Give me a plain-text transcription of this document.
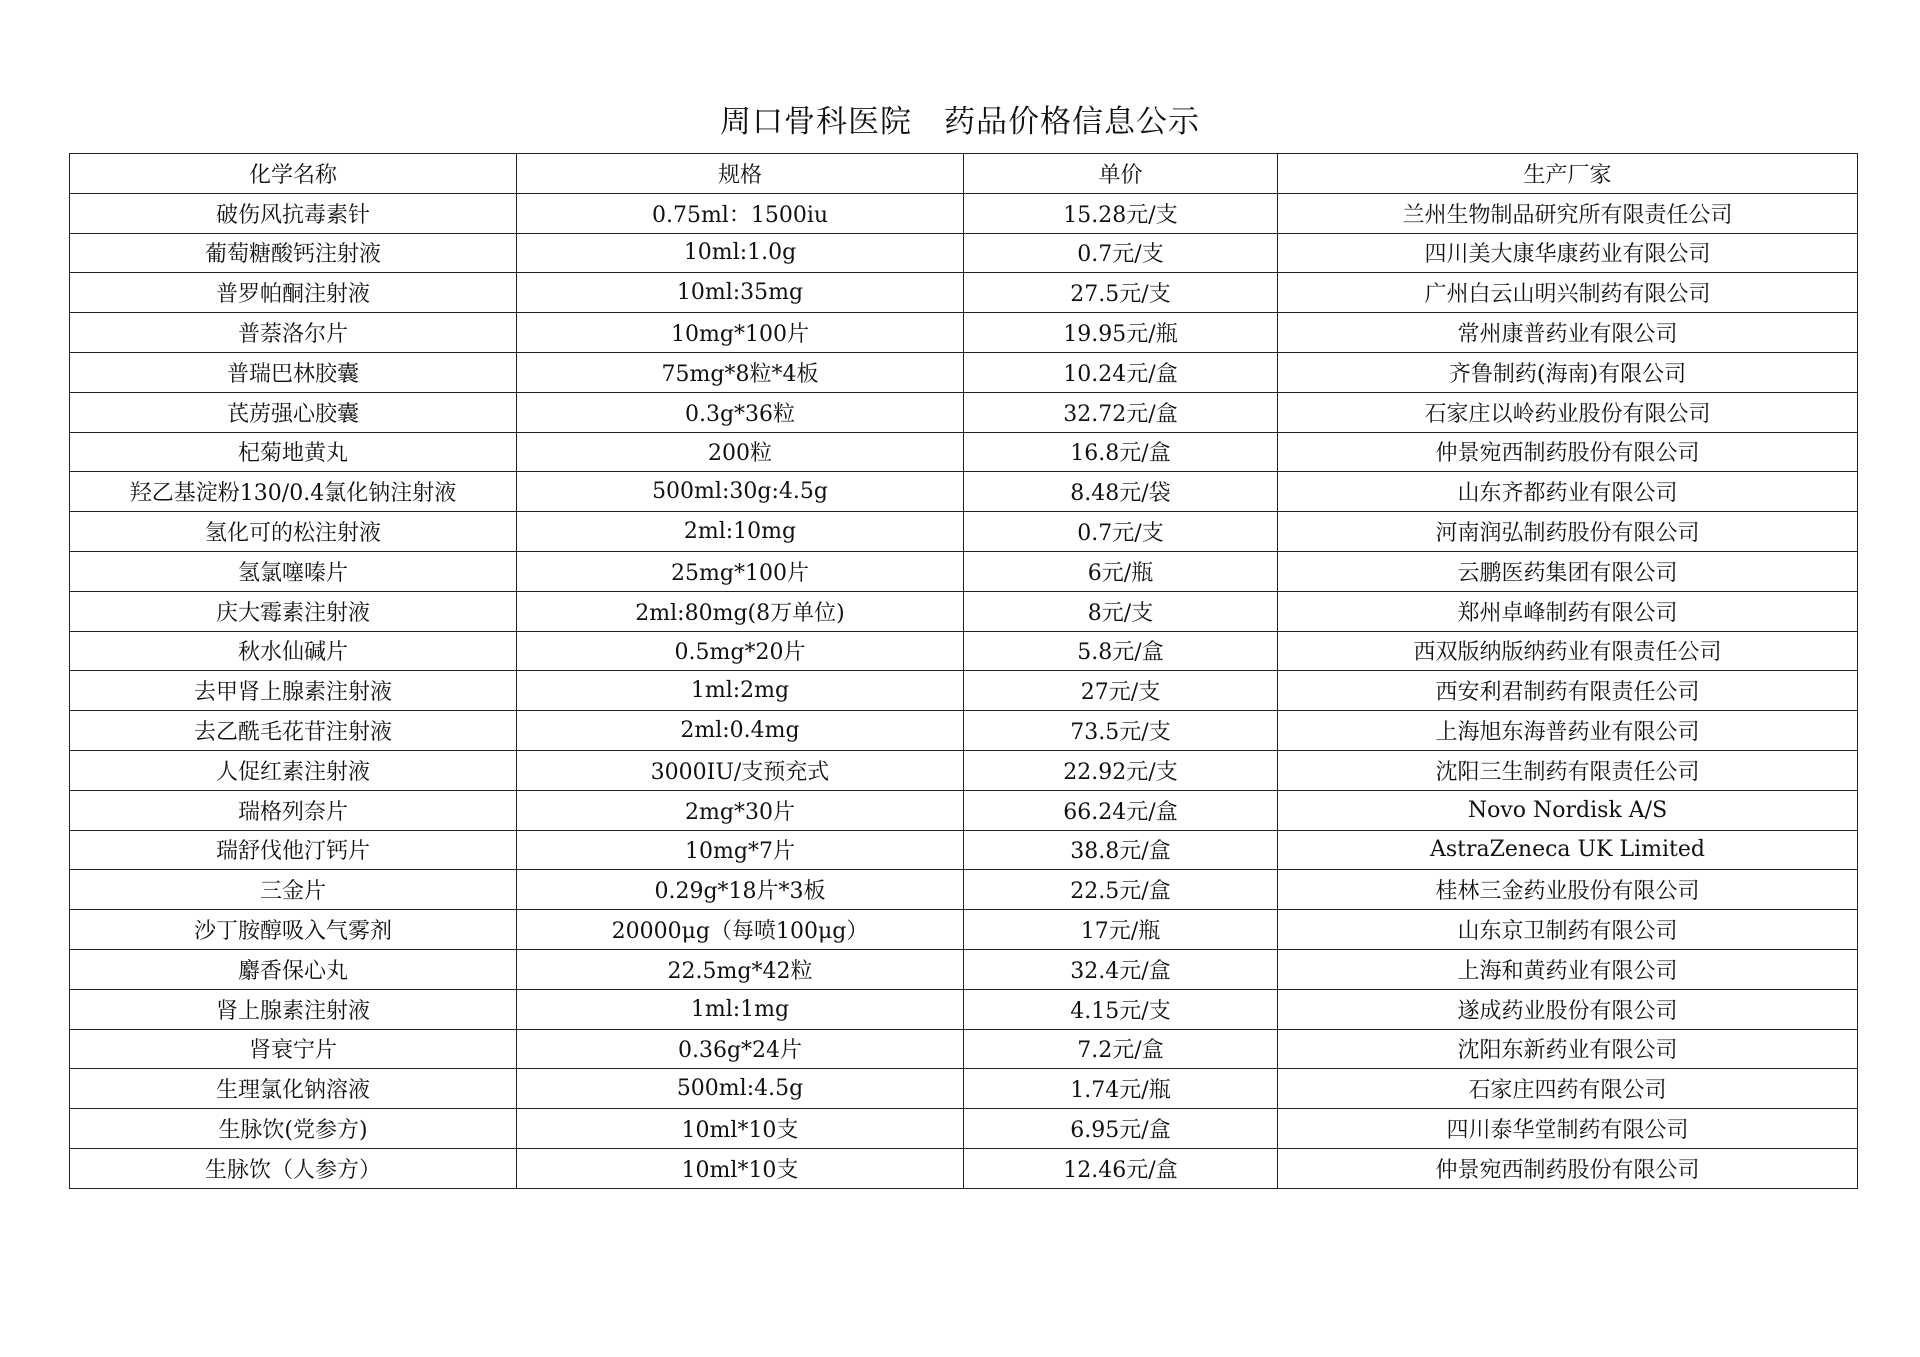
周口骨科医院　药品价格信息公示
化学名称	规格	单价	生产厂家
破伤风抗毒素针	0.75ml：1500iu	15.28元/支	兰州生物制品研究所有限责任公司
葡萄糖酸钙注射液	10ml:1.0g	0.7元/支	四川美大康华康药业有限公司
普罗帕酮注射液	10ml:35mg	27.5元/支	广州白云山明兴制药有限公司
普萘洛尔片	10mg*100片	19.95元/瓶	常州康普药业有限公司
普瑞巴林胶囊	75mg*8粒*4板	10.24元/盒	齐鲁制药(海南)有限公司
芪苈强心胶囊	0.3g*36粒	32.72元/盒	石家庄以岭药业股份有限公司
杞菊地黄丸	200粒	16.8元/盒	仲景宛西制药股份有限公司
羟乙基淀粉130/0.4氯化钠注射液	500ml:30g:4.5g	8.48元/袋	山东齐都药业有限公司
氢化可的松注射液	2ml:10mg	0.7元/支	河南润弘制药股份有限公司
氢氯噻嗪片	25mg*100片	6元/瓶	云鹏医药集团有限公司
庆大霉素注射液	2ml:80mg(8万单位)	8元/支	郑州卓峰制药有限公司
秋水仙碱片	0.5mg*20片	5.8元/盒	西双版纳版纳药业有限责任公司
去甲肾上腺素注射液	1ml:2mg	27元/支	西安利君制药有限责任公司
去乙酰毛花苷注射液	2ml:0.4mg	73.5元/支	上海旭东海普药业有限公司
人促红素注射液	3000IU/支预充式	22.92元/支	沈阳三生制药有限责任公司
瑞格列奈片	2mg*30片	66.24元/盒	Novo Nordisk A/S
瑞舒伐他汀钙片	10mg*7片	38.8元/盒	AstraZeneca UK Limited
三金片	0.29g*18片*3板	22.5元/盒	桂林三金药业股份有限公司
沙丁胺醇吸入气雾剂	20000μg（每喷100μg）	17元/瓶	山东京卫制药有限公司
麝香保心丸	22.5mg*42粒	32.4元/盒	上海和黄药业有限公司
肾上腺素注射液	1ml:1mg	4.15元/支	遂成药业股份有限公司
肾衰宁片	0.36g*24片	7.2元/盒	沈阳东新药业有限公司
生理氯化钠溶液	500ml:4.5g	1.74元/瓶	石家庄四药有限公司
生脉饮(党参方)	10ml*10支	6.95元/盒	四川泰华堂制药有限公司
生脉饮（人参方）	10ml*10支	12.46元/盒	仲景宛西制药股份有限公司
